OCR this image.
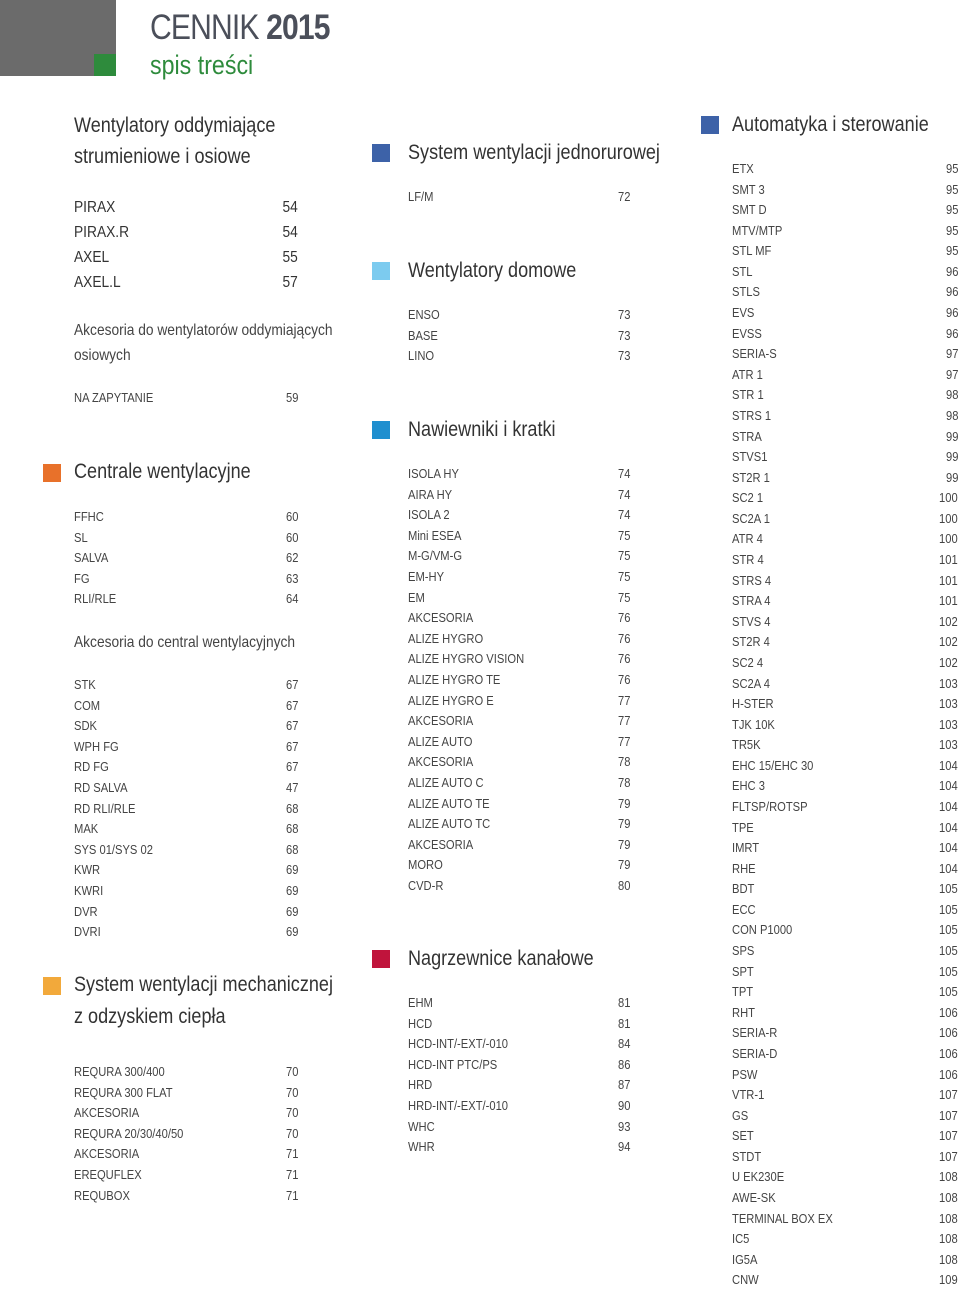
CENNIK 2015
spis treści
Wentylatory oddymiające
strumieniowe i osiowe
Akcesoria do wentylatorów oddymiających
osiowych
Centrale wentylacyjne
Akcesoria do central wentylacyjnych
System wentylacji mechanicznej
z odzyskiem ciepła
PIRAX	54
PIRAX.R	54
AXEL	55
AXEL.L	57
NA ZAPYTANIE	59
FFHC	60
SL	60
SALVA	62
FG	63
RLI/RLE	64
STK	67
COM	67
SDK	67
WPH FG	67
RD FG	67
RD SALVA	47
RD RLI/RLE	68
MAK	68
SYS 01/SYS 02	68
KWR	69
KWRI	69
DVR	69
DVRI	69
REQURA 300/400	70
REQURA 300 FLAT	70
AKCESORIA	70
REQURA 20/30/40/50	70
AKCESORIA	71
EREQUFLEX	71
REQUBOX	71
System wentylacji jednorurowej
Wentylatory domowe
Nawiewniki i kratki
Nagrzewnice kanałowe
LF/M	72
ENSO	73
BASE	73
LINO	73
ISOLA HY	74
AIRA HY	74
ISOLA 2	74
Mini ESEA	75
M-G/VM-G	75
EM-HY	75
EM	75
AKCESORIA	76
ALIZE HYGRO	76
ALIZE HYGRO VISION	76
ALIZE HYGRO TE	76
ALIZE HYGRO E	77
AKCESORIA	77
ALIZE AUTO	77
AKCESORIA	78
ALIZE AUTO C	78
ALIZE AUTO TE	79
ALIZE AUTO TC	79
AKCESORIA	79
MORO	79
CVD-R	80
EHM	81
HCD	81
HCD-INT/-EXT/-010	84
HCD-INT PTC/PS	86
HRD	87
HRD-INT/-EXT/-010	90
WHC	93
WHR	94
Automatyka i sterowanie
ETX	95
SMT 3	95
SMT D	95
MTV/MTP	95
STL MF	95
STL	96
STLS	96
EVS	96
EVSS	96
SERIA-S	97
ATR 1	97
STR 1	98
STRS 1	98
STRA	99
STVS1	99
ST2R 1	99
SC2 1	100
SC2A 1	100
ATR 4	100
STR 4	101
STRS 4	101
STRA 4	101
STVS 4	102
ST2R 4	102
SC2 4	102
SC2A 4	103
H-STER	103
TJK 10K	103
TR5K	103
EHC 15/EHC 30	104
EHC 3	104
FLTSP/ROTSP	104
TPE	104
IMRT	104
RHE	104
BDT	105
ECC	105
CON P1000	105
SPS	105
SPT	105
TPT	105
RHT	106
SERIA-R	106
SERIA-D	106
PSW	106
VTR-1	107
GS	107
SET	107
STDT	107
U EK230E	108
AWE-SK	108
TERMINAL BOX EX	108
IC5	108
IG5A	108
CNW	109
